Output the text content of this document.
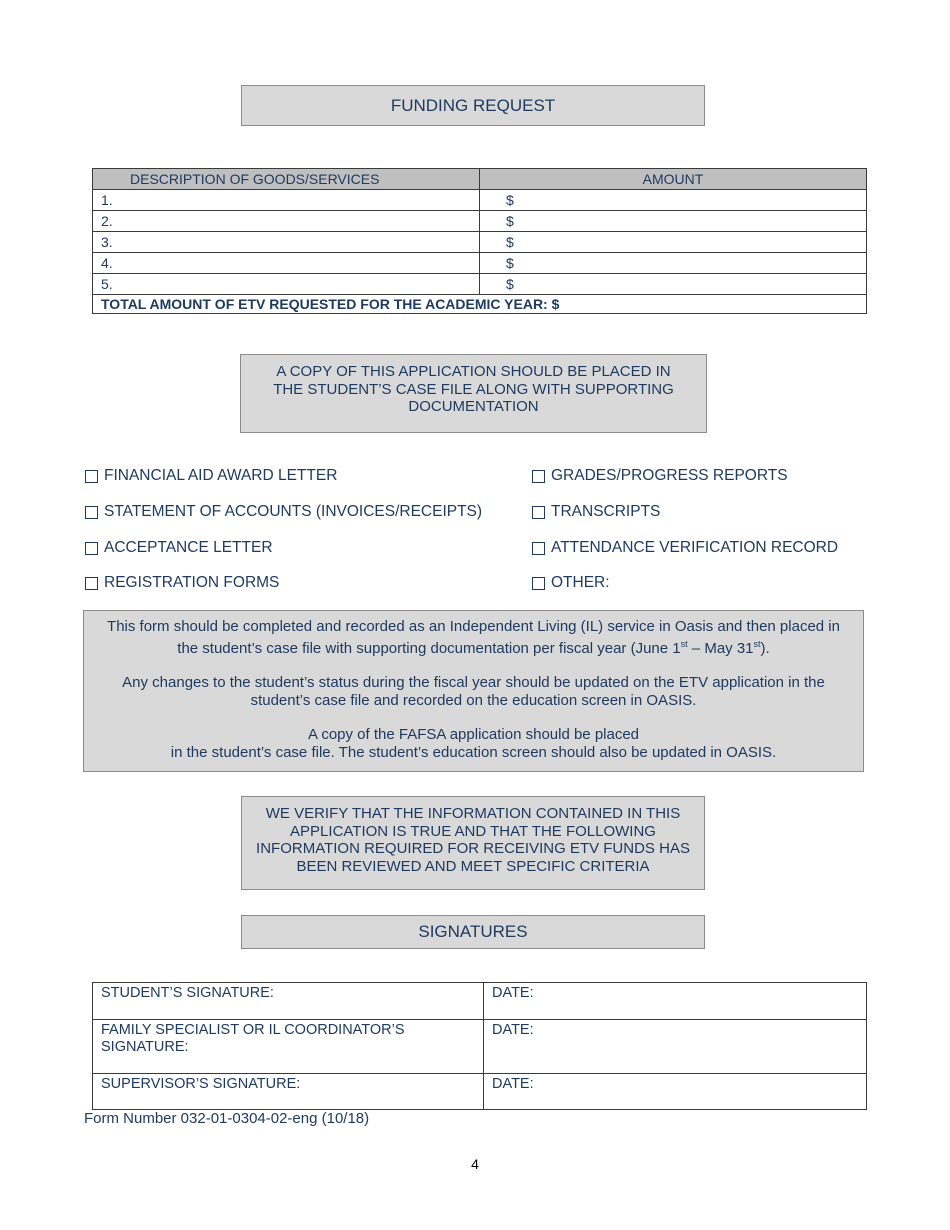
FUNDING REQUEST
DESCRIPTION OF GOODS/SERVICES	AMOUNT
1.	$
2.	$
3.	$
4.	$
5.	$
TOTAL AMOUNT OF ETV REQUESTED FOR THE ACADEMIC YEAR: $	
A COPY OF THIS APPLICATION SHOULD BE PLACED IN THE STUDENT’S CASE FILE ALONG WITH SUPPORTING DOCUMENTATION
FINANCIAL AID AWARD LETTER
STATEMENT OF ACCOUNTS (INVOICES/RECEIPTS)
ACCEPTANCE LETTER
REGISTRATION FORMS
GRADES/PROGRESS REPORTS
TRANSCRIPTS
ATTENDANCE VERIFICATION RECORD
OTHER:

This form should be completed and recorded as an Independent Living (IL) service in Oasis and then placed in the student’s case file with supporting documentation per fiscal year (June 1st – May 31st).

Any changes to the student’s status during the fiscal year should be updated on the ETV application in the student’s case file and recorded on the education screen in OASIS.

A copy of the FAFSA application should be placed
in the student’s case file. The student’s education screen should also be updated in OASIS.

WE VERIFY THAT THE INFORMATION CONTAINED IN THIS APPLICATION IS TRUE AND THAT THE FOLLOWING INFORMATION REQUIRED FOR RECEIVING ETV FUNDS HAS BEEN REVIEWED AND MEET SPECIFIC CRITERIA
SIGNATURES
STUDENT’S SIGNATURE:	DATE:
FAMILY SPECIALIST OR IL COORDINATOR’S
SIGNATURE:	DATE:
SUPERVISOR’S SIGNATURE:	DATE:
Form Number 032-01-0304-02-eng (10/18)
4
